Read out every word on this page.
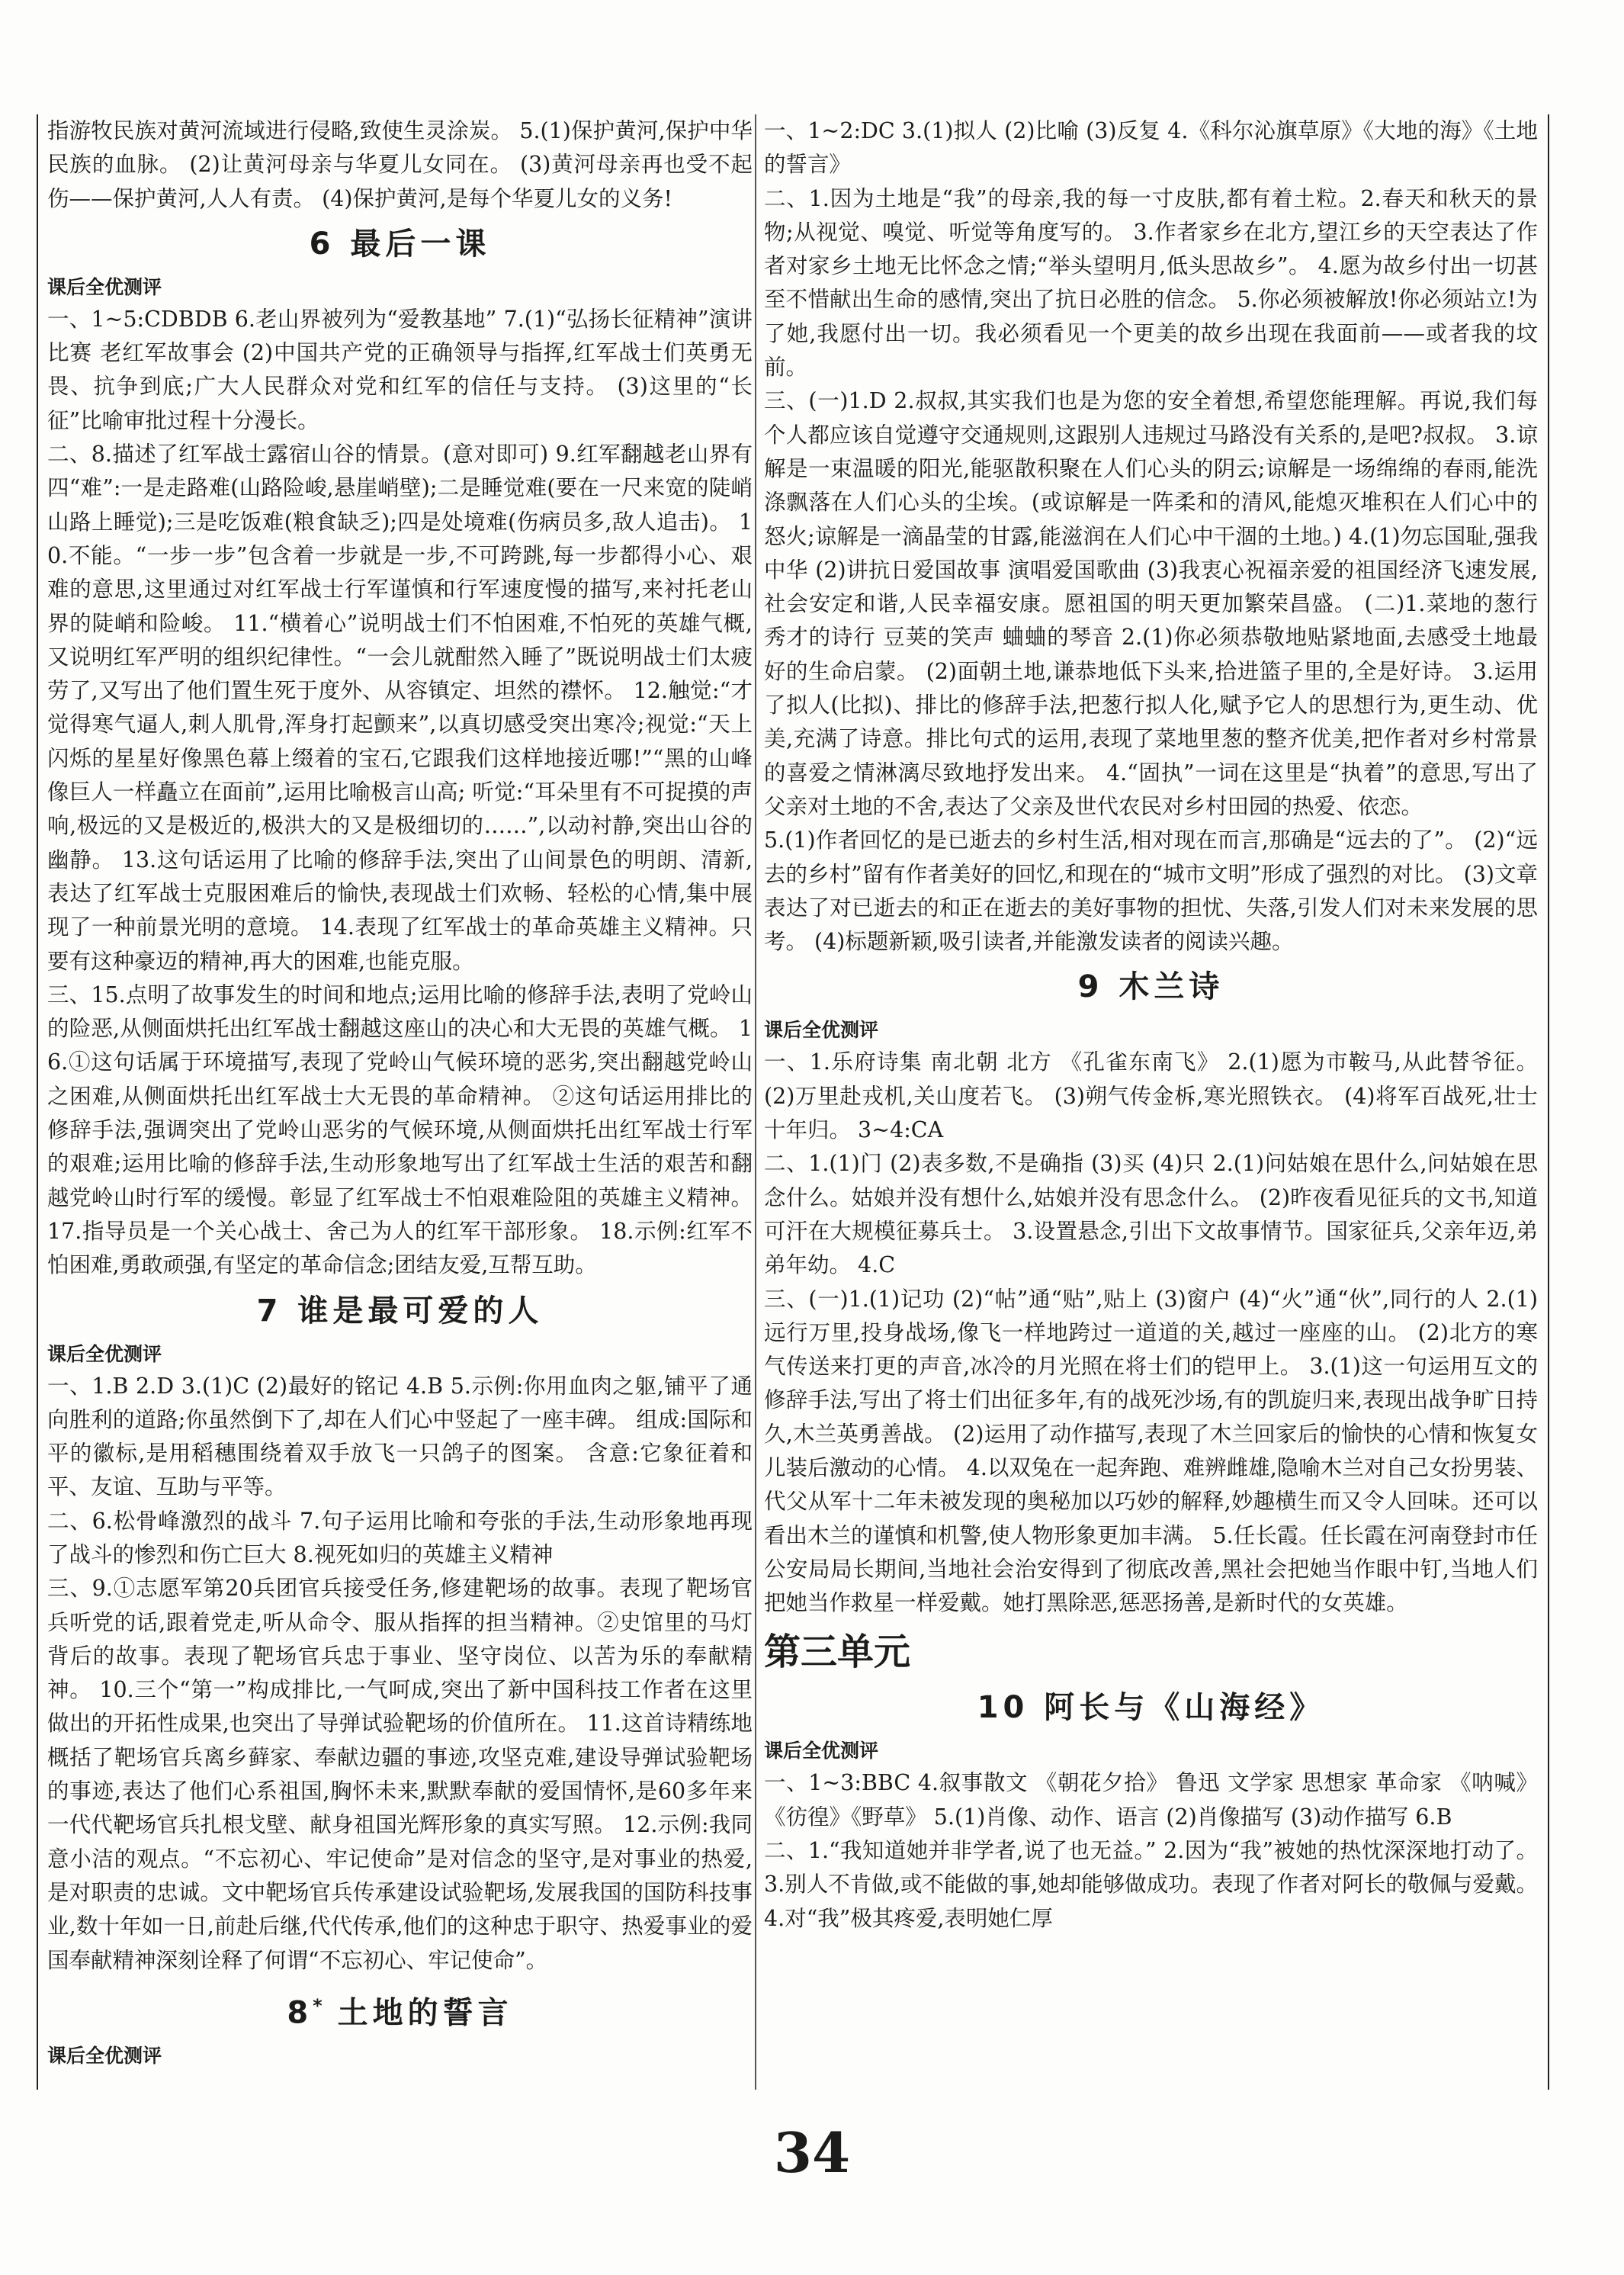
指游牧民族对黄河流域进行侵略,致使生灵涂炭。 5.(1)保护黄河,保护中华民族的血脉。 (2)让黄河母亲与华夏儿女同在。 (3)黄河母亲再也受不起伤——保护黄河,人人有责。 (4)保护黄河,是每个华夏儿女的义务!

6 最后一课
课后全优测评

一、1~5:CDBDB 6.老山界被列为“爱教基地” 7.(1)“弘扬长征精神”演讲比赛 老红军故事会 (2)中国共产党的正确领导与指挥,红军战士们英勇无畏、抗争到底;广大人民群众对党和红军的信任与支持。 (3)这里的“长征”比喻审批过程十分漫长。

二、8.描述了红军战士露宿山谷的情景。(意对即可) 9.红军翻越老山界有四“难”:一是走路难(山路险峻,悬崖峭壁);二是睡觉难(要在一尺来宽的陡峭山路上睡觉);三是吃饭难(粮食缺乏);四是处境难(伤病员多,敌人追击)。 10.不能。“一步一步”包含着一步就是一步,不可跨跳,每一步都得小心、艰难的意思,这里通过对红军战士行军谨慎和行军速度慢的描写,来衬托老山界的陡峭和险峻。 11.“横着心”说明战士们不怕困难,不怕死的英雄气概,又说明红军严明的组织纪律性。“一会儿就酣然入睡了”既说明战士们太疲劳了,又写出了他们置生死于度外、从容镇定、坦然的襟怀。 12.触觉:“才觉得寒气逼人,刺人肌骨,浑身打起颤来”,以真切感受突出寒冷;视觉:“天上闪烁的星星好像黑色幕上缀着的宝石,它跟我们这样地接近哪!”“黑的山峰像巨人一样矗立在面前”,运用比喻极言山高; 听觉:“耳朵里有不可捉摸的声响,极远的又是极近的,极洪大的又是极细切的……”,以动衬静,突出山谷的幽静。 13.这句话运用了比喻的修辞手法,突出了山间景色的明朗、清新,表达了红军战士克服困难后的愉快,表现战士们欢畅、轻松的心情,集中展现了一种前景光明的意境。 14.表现了红军战士的革命英雄主义精神。只要有这种豪迈的精神,再大的困难,也能克服。

三、15.点明了故事发生的时间和地点;运用比喻的修辞手法,表明了党岭山的险恶,从侧面烘托出红军战士翻越这座山的决心和大无畏的英雄气概。 16.①这句话属于环境描写,表现了党岭山气候环境的恶劣,突出翻越党岭山之困难,从侧面烘托出红军战士大无畏的革命精神。 ②这句话运用排比的修辞手法,强调突出了党岭山恶劣的气候环境,从侧面烘托出红军战士行军的艰难;运用比喻的修辞手法,生动形象地写出了红军战士生活的艰苦和翻越党岭山时行军的缓慢。彰显了红军战士不怕艰难险阻的英雄主义精神。 17.指导员是一个关心战士、舍己为人的红军干部形象。 18.示例:红军不怕困难,勇敢顽强,有坚定的革命信念;团结友爱,互帮互助。

7 谁是最可爱的人
课后全优测评

一、1.B 2.D 3.(1)C (2)最好的铭记 4.B 5.示例:你用血肉之躯,铺平了通向胜利的道路;你虽然倒下了,却在人们心中竖起了一座丰碑。 组成:国际和平的徽标,是用稻穗围绕着双手放飞一只鸽子的图案。 含意:它象征着和平、友谊、互助与平等。

二、6.松骨峰激烈的战斗 7.句子运用比喻和夸张的手法,生动形象地再现了战斗的惨烈和伤亡巨大 8.视死如归的英雄主义精神

三、9.①志愿军第20兵团官兵接受任务,修建靶场的故事。表现了靶场官兵听党的话,跟着党走,听从命令、服从指挥的担当精神。②史馆里的马灯背后的故事。表现了靶场官兵忠于事业、坚守岗位、以苦为乐的奉献精神。 10.三个“第一”构成排比,一气呵成,突出了新中国科技工作者在这里做出的开拓性成果,也突出了导弹试验靶场的价值所在。 11.这首诗精练地概括了靶场官兵离乡藓家、奉献边疆的事迹,攻坚克难,建设导弹试验靶场的事迹,表达了他们心系祖国,胸怀未来,默默奉献的爱国情怀,是60多年来一代代靶场官兵扎根戈壁、献身祖国光辉形象的真实写照。 12.示例:我同意小洁的观点。“不忘初心、牢记使命”是对信念的坚守,是对事业的热爱,是对职责的忠诚。文中靶场官兵传承建设试验靶场,发展我国的国防科技事业,数十年如一日,前赴后继,代代传承,他们的这种忠于职守、热爱事业的爱国奉献精神深刻诠释了何谓“不忘初心、牢记使命”。

8* 土地的誓言
课后全优测评

一、1~2:DC 3.(1)拟人 (2)比喻 (3)反复 4.《科尔沁旗草原》《大地的海》《土地的誓言》

二、1.因为土地是“我”的母亲,我的每一寸皮肤,都有着土粒。2.春天和秋天的景物;从视觉、嗅觉、听觉等角度写的。 3.作者家乡在北方,望江乡的天空表达了作者对家乡土地无比怀念之情;“举头望明月,低头思故乡”。 4.愿为故乡付出一切甚至不惜献出生命的感情,突出了抗日必胜的信念。 5.你必须被解放!你必须站立!为了她,我愿付出一切。我必须看见一个更美的故乡出现在我面前——或者我的坟前。

三、(一)1.D 2.叔叔,其实我们也是为您的安全着想,希望您能理解。再说,我们每个人都应该自觉遵守交通规则,这跟别人违规过马路没有关系的,是吧?叔叔。 3.谅解是一束温暖的阳光,能驱散积聚在人们心头的阴云;谅解是一场绵绵的春雨,能洗涤飘落在人们心头的尘埃。(或谅解是一阵柔和的清风,能熄灭堆积在人们心中的怒火;谅解是一滴晶莹的甘露,能滋润在人们心中干涸的土地。) 4.(1)勿忘国耻,强我中华 (2)讲抗日爱国故事 演唱爱国歌曲 (3)我衷心祝福亲爱的祖国经济飞速发展,社会安定和谐,人民幸福安康。愿祖国的明天更加繁荣昌盛。 (二)1.菜地的葱行 秀才的诗行 豆荚的笑声 蛐蛐的琴音 2.(1)你必须恭敬地贴紧地面,去感受土地最好的生命启蒙。 (2)面朝土地,谦恭地低下头来,拾进篮子里的,全是好诗。 3.运用了拟人(比拟)、排比的修辞手法,把葱行拟人化,赋予它人的思想行为,更生动、优美,充满了诗意。排比句式的运用,表现了菜地里葱的整齐优美,把作者对乡村常景的喜爱之情淋漓尽致地抒发出来。 4.“固执”一词在这里是“执着”的意思,写出了父亲对土地的不舍,表达了父亲及世代农民对乡村田园的热爱、依恋。

5.(1)作者回忆的是已逝去的乡村生活,相对现在而言,那确是“远去的了”。 (2)“远去的乡村”留有作者美好的回忆,和现在的“城市文明”形成了强烈的对比。 (3)文章表达了对已逝去的和正在逝去的美好事物的担忧、失落,引发人们对未来发展的思考。 (4)标题新颖,吸引读者,并能激发读者的阅读兴趣。

9 木兰诗
课后全优测评

一、1.乐府诗集 南北朝 北方 《孔雀东南飞》 2.(1)愿为市鞍马,从此替爷征。 (2)万里赴戎机,关山度若飞。 (3)朔气传金柝,寒光照铁衣。 (4)将军百战死,壮士十年归。 3~4:CA

二、1.(1)门 (2)表多数,不是确指 (3)买 (4)只 2.(1)问姑娘在思什么,问姑娘在思念什么。姑娘并没有想什么,姑娘并没有思念什么。 (2)昨夜看见征兵的文书,知道可汗在大规模征募兵士。 3.设置悬念,引出下文故事情节。国家征兵,父亲年迈,弟弟年幼。 4.C

三、(一)1.(1)记功 (2)“帖”通“贴”,贴上 (3)窗户 (4)“火”通“伙”,同行的人 2.(1)远行万里,投身战场,像飞一样地跨过一道道的关,越过一座座的山。 (2)北方的寒气传送来打更的声音,冰冷的月光照在将士们的铠甲上。 3.(1)这一句运用互文的修辞手法,写出了将士们出征多年,有的战死沙场,有的凯旋归来,表现出战争旷日持久,木兰英勇善战。 (2)运用了动作描写,表现了木兰回家后的愉快的心情和恢复女儿装后激动的心情。 4.以双兔在一起奔跑、难辨雌雄,隐喻木兰对自己女扮男装、代父从军十二年未被发现的奥秘加以巧妙的解释,妙趣横生而又令人回味。还可以看出木兰的谨慎和机警,使人物形象更加丰满。 5.任长霞。任长霞在河南登封市任公安局局长期间,当地社会治安得到了彻底改善,黑社会把她当作眼中钉,当地人们把她当作救星一样爱戴。她打黑除恶,惩恶扬善,是新时代的女英雄。

第三单元
10 阿长与《山海经》
课后全优测评

一、1~3:BBC 4.叙事散文 《朝花夕拾》 鲁迅 文学家 思想家 革命家 《呐喊》《彷徨》《野草》 5.(1)肖像、动作、语言 (2)肖像描写 (3)动作描写 6.B

二、1.“我知道她并非学者,说了也无益。” 2.因为“我”被她的热忱深深地打动了。 3.别人不肯做,或不能做的事,她却能够做成功。表现了作者对阿长的敬佩与爱戴。 4.对“我”极其疼爱,表明她仁厚

34
